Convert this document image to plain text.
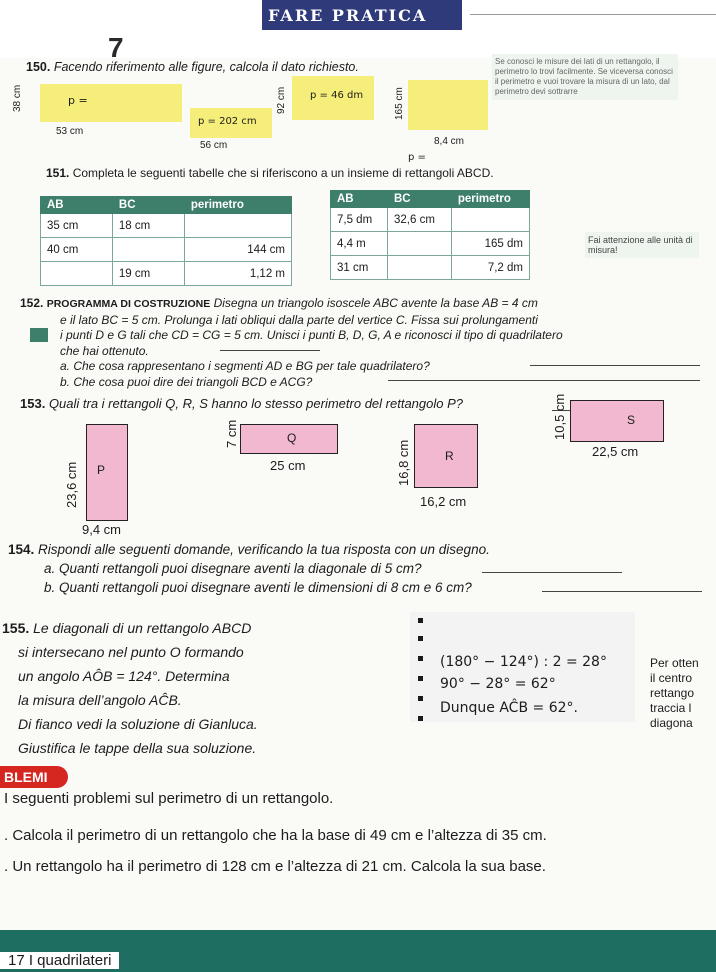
FARE PRATICA
7
150. Facendo riferimento alle figure, calcola il dato richiesto.
p =
38 cm
53 cm
p = 202 cm
56 cm
p = 46 dm
92 cm	165 cm
8,4 cm
p =
Se conosci le misure dei lati di un rettangolo, il perimetro lo trovi facilmente. Se viceversa conosci il perimetro e vuoi trovare la misura di un lato, dal perimetro devi sottrarre
151. Completa le seguenti tabelle che si riferiscono a un insieme di rettangoli ABCD.
AB	BC	perimetro
35 cm	18 cm	
40 cm		144 cm
	19 cm	1,12 m
AB	BC	perimetro
7,5 dm	32,6 cm	
4,4 m		165 dm
31 cm		7,2 dm
Fai attenzione alle unità di misura!
152. PROGRAMMA DI COSTRUZIONE Disegna un triangolo isoscele ABC avente la base AB = 4 cm
e il lato BC = 5 cm. Prolunga i lati obliqui dalla parte del vertice C. Fissa sui prolungamenti
i punti D e G tali che CD = CG = 5 cm. Unisci i punti B, D, G, A e riconosci il tipo di quadrilatero
che hai ottenuto.
a. Che cosa rappresentano i segmenti AD e BG per tale quadrilatero?
b. Che cosa puoi dire dei triangoli BCD e ACG?
153. Quali tra i rettangoli Q, R, S hanno lo stesso perimetro del rettangolo P?
P
23,6 cm
9,4 cm
Q
7 cm
25 cm
R
16,8 cm
16,2 cm
S
10,5 cm
22,5 cm
154. Rispondi alle seguenti domande, verificando la tua risposta con un disegno.
a. Quanti rettangoli puoi disegnare aventi la diagonale di 5 cm?
b. Quanti rettangoli puoi disegnare aventi le dimensioni di 8 cm e 6 cm?
155. Le diagonali di un rettangolo ABCD
si intersecano nel punto O formando
un angolo AÔB = 124°. Determina
la misura dell’angolo AĈB.
Di fianco vedi la soluzione di Gianluca.
Giustifica le tappe della sua soluzione.
(180° − 124°) : 2 = 28°
90° − 28° = 62°
Dunque AĈB = 62°.
Per otten
il centro
rettango
traccia l
diagona
BLEMI
I seguenti problemi sul perimetro di un rettangolo.
. Calcola il perimetro di un rettangolo che ha la base di 49 cm e l’altezza di 35 cm.
. Un rettangolo ha il perimetro di 128 cm e l’altezza di 21 cm. Calcola la sua base.
17 I quadrilateri
